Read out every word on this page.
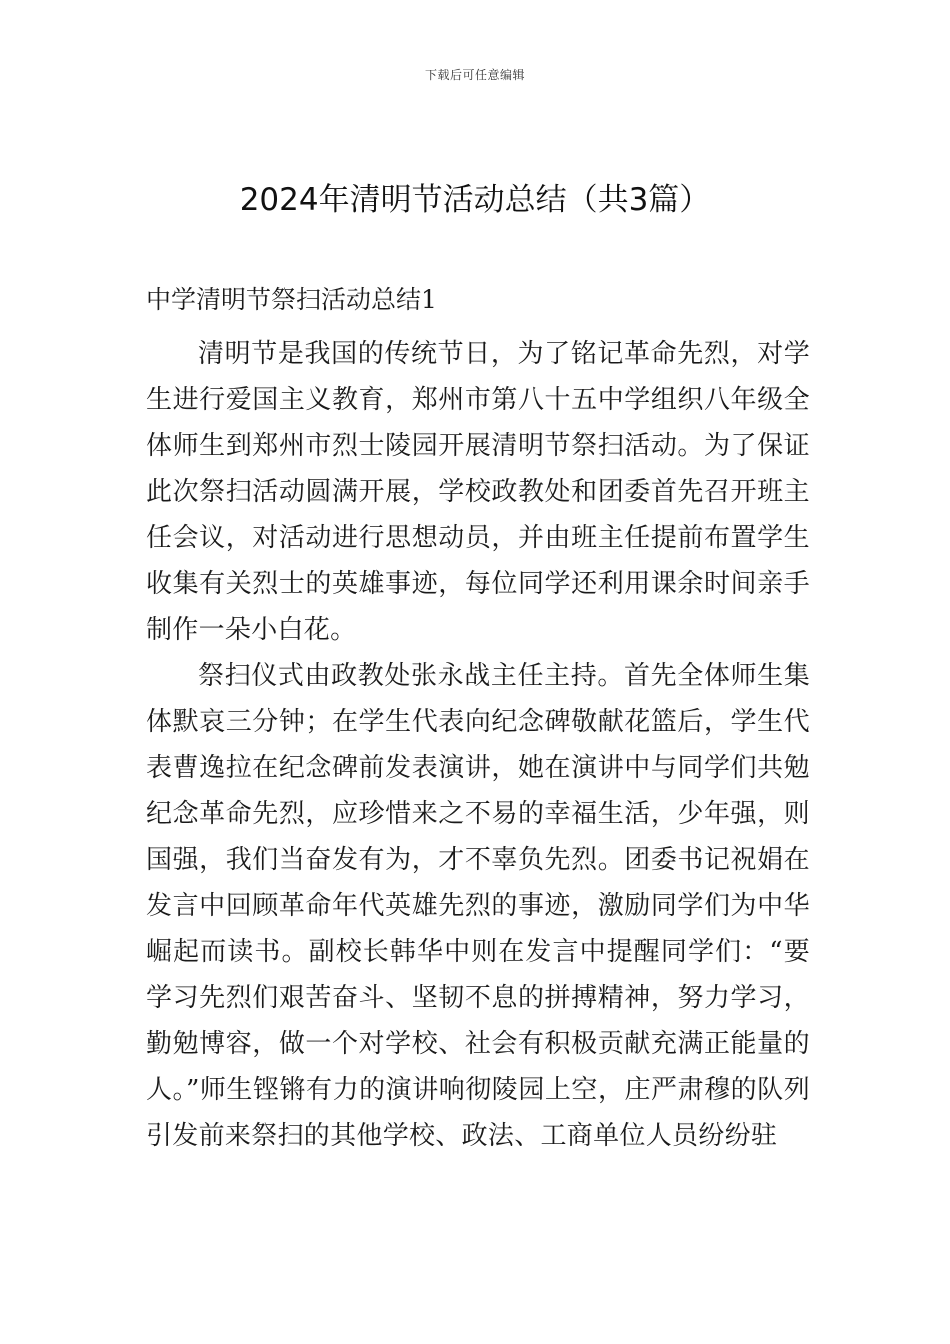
下载后可任意编辑
2024年清明节活动总结（共3篇）
中学清明节祭扫活动总结1

清明节是我国的传统节日，为了铭记革命先烈，对学生进行爱国主义教育，郑州市第八十五中学组织八年级全体师生到郑州市烈士陵园开展清明节祭扫活动。为了保证此次祭扫活动圆满开展，学校政教处和团委首先召开班主任会议，对活动进行思想动员，并由班主任提前布置学生收集有关烈士的英雄事迹，每位同学还利用课余时间亲手制作一朵小白花。

祭扫仪式由政教处张永战主任主持。首先全体师生集体默哀三分钟；在学生代表向纪念碑敬献花篮后，学生代表曹逸拉在纪念碑前发表演讲，她在演讲中与同学们共勉纪念革命先烈，应珍惜来之不易的幸福生活，少年强，则国强，我们当奋发有为，才不辜负先烈。团委书记祝娟在发言中回顾革命年代英雄先烈的事迹，激励同学们为中华崛起而读书。副校长韩华中则在发言中提醒同学们：“要学习先烈们艰苦奋斗、坚韧不息的拼搏精神，努力学习，勤勉博容，做一个对学校、社会有积极贡献充满正能量的人。”师生铿锵有力的演讲响彻陵园上空，庄严肃穆的队列引发前来祭扫的其他学校、政法、工商单位人员纷纷驻
